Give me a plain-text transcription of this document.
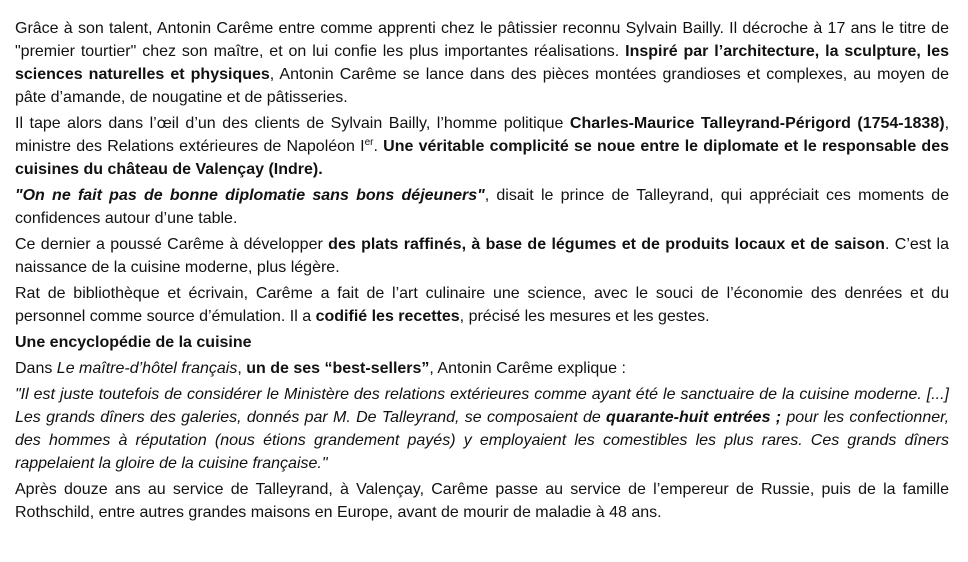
Grâce à son talent, Antonin Carême entre comme apprenti chez le pâtissier reconnu Sylvain Bailly. Il décroche à 17 ans le titre de "premier tourtier" chez son maître, et on lui confie les plus importantes réalisations. Inspiré par l’architecture, la sculpture, les sciences naturelles et physiques, Antonin Carême se lance dans des pièces montées grandioses et complexes, au moyen de pâte d’amande, de nougatine et de pâtisseries.

Il tape alors dans l’œil d’un des clients de Sylvain Bailly, l’homme politique Charles-Maurice Talleyrand-Périgord (1754-1838), ministre des Relations extérieures de Napoléon Ier. Une véritable complicité se noue entre le diplomate et le responsable des cuisines du château de Valençay (Indre).

"On ne fait pas de bonne diplomatie sans bons déjeuners", disait le prince de Talleyrand, qui appréciait ces moments de confidences autour d’une table.

Ce dernier a poussé Carême à développer des plats raffinés, à base de légumes et de produits locaux et de saison. C’est la naissance de la cuisine moderne, plus légère.

Rat de bibliothèque et écrivain, Carême a fait de l’art culinaire une science, avec le souci de l’économie des denrées et du personnel comme source d’émulation. Il a codifié les recettes, précisé les mesures et les gestes.

Une encyclopédie de la cuisine

Dans Le maître-d’hôtel français, un de ses “best-sellers”, Antonin Carême explique :

"Il est juste toutefois de considérer le Ministère des relations extérieures comme ayant été le sanctuaire de la cuisine moderne. [...] Les grands dîners des galeries, donnés par M. De Talleyrand, se composaient de quarante-huit entrées ; pour les confectionner, des hommes à réputation (nous étions grandement payés) y employaient les comestibles les plus rares. Ces grands dîners rappelaient la gloire de la cuisine française."

Après douze ans au service de Talleyrand, à Valençay, Carême passe au service de l’empereur de Russie, puis de la famille Rothschild, entre autres grandes maisons en Europe, avant de mourir de maladie à 48 ans.
